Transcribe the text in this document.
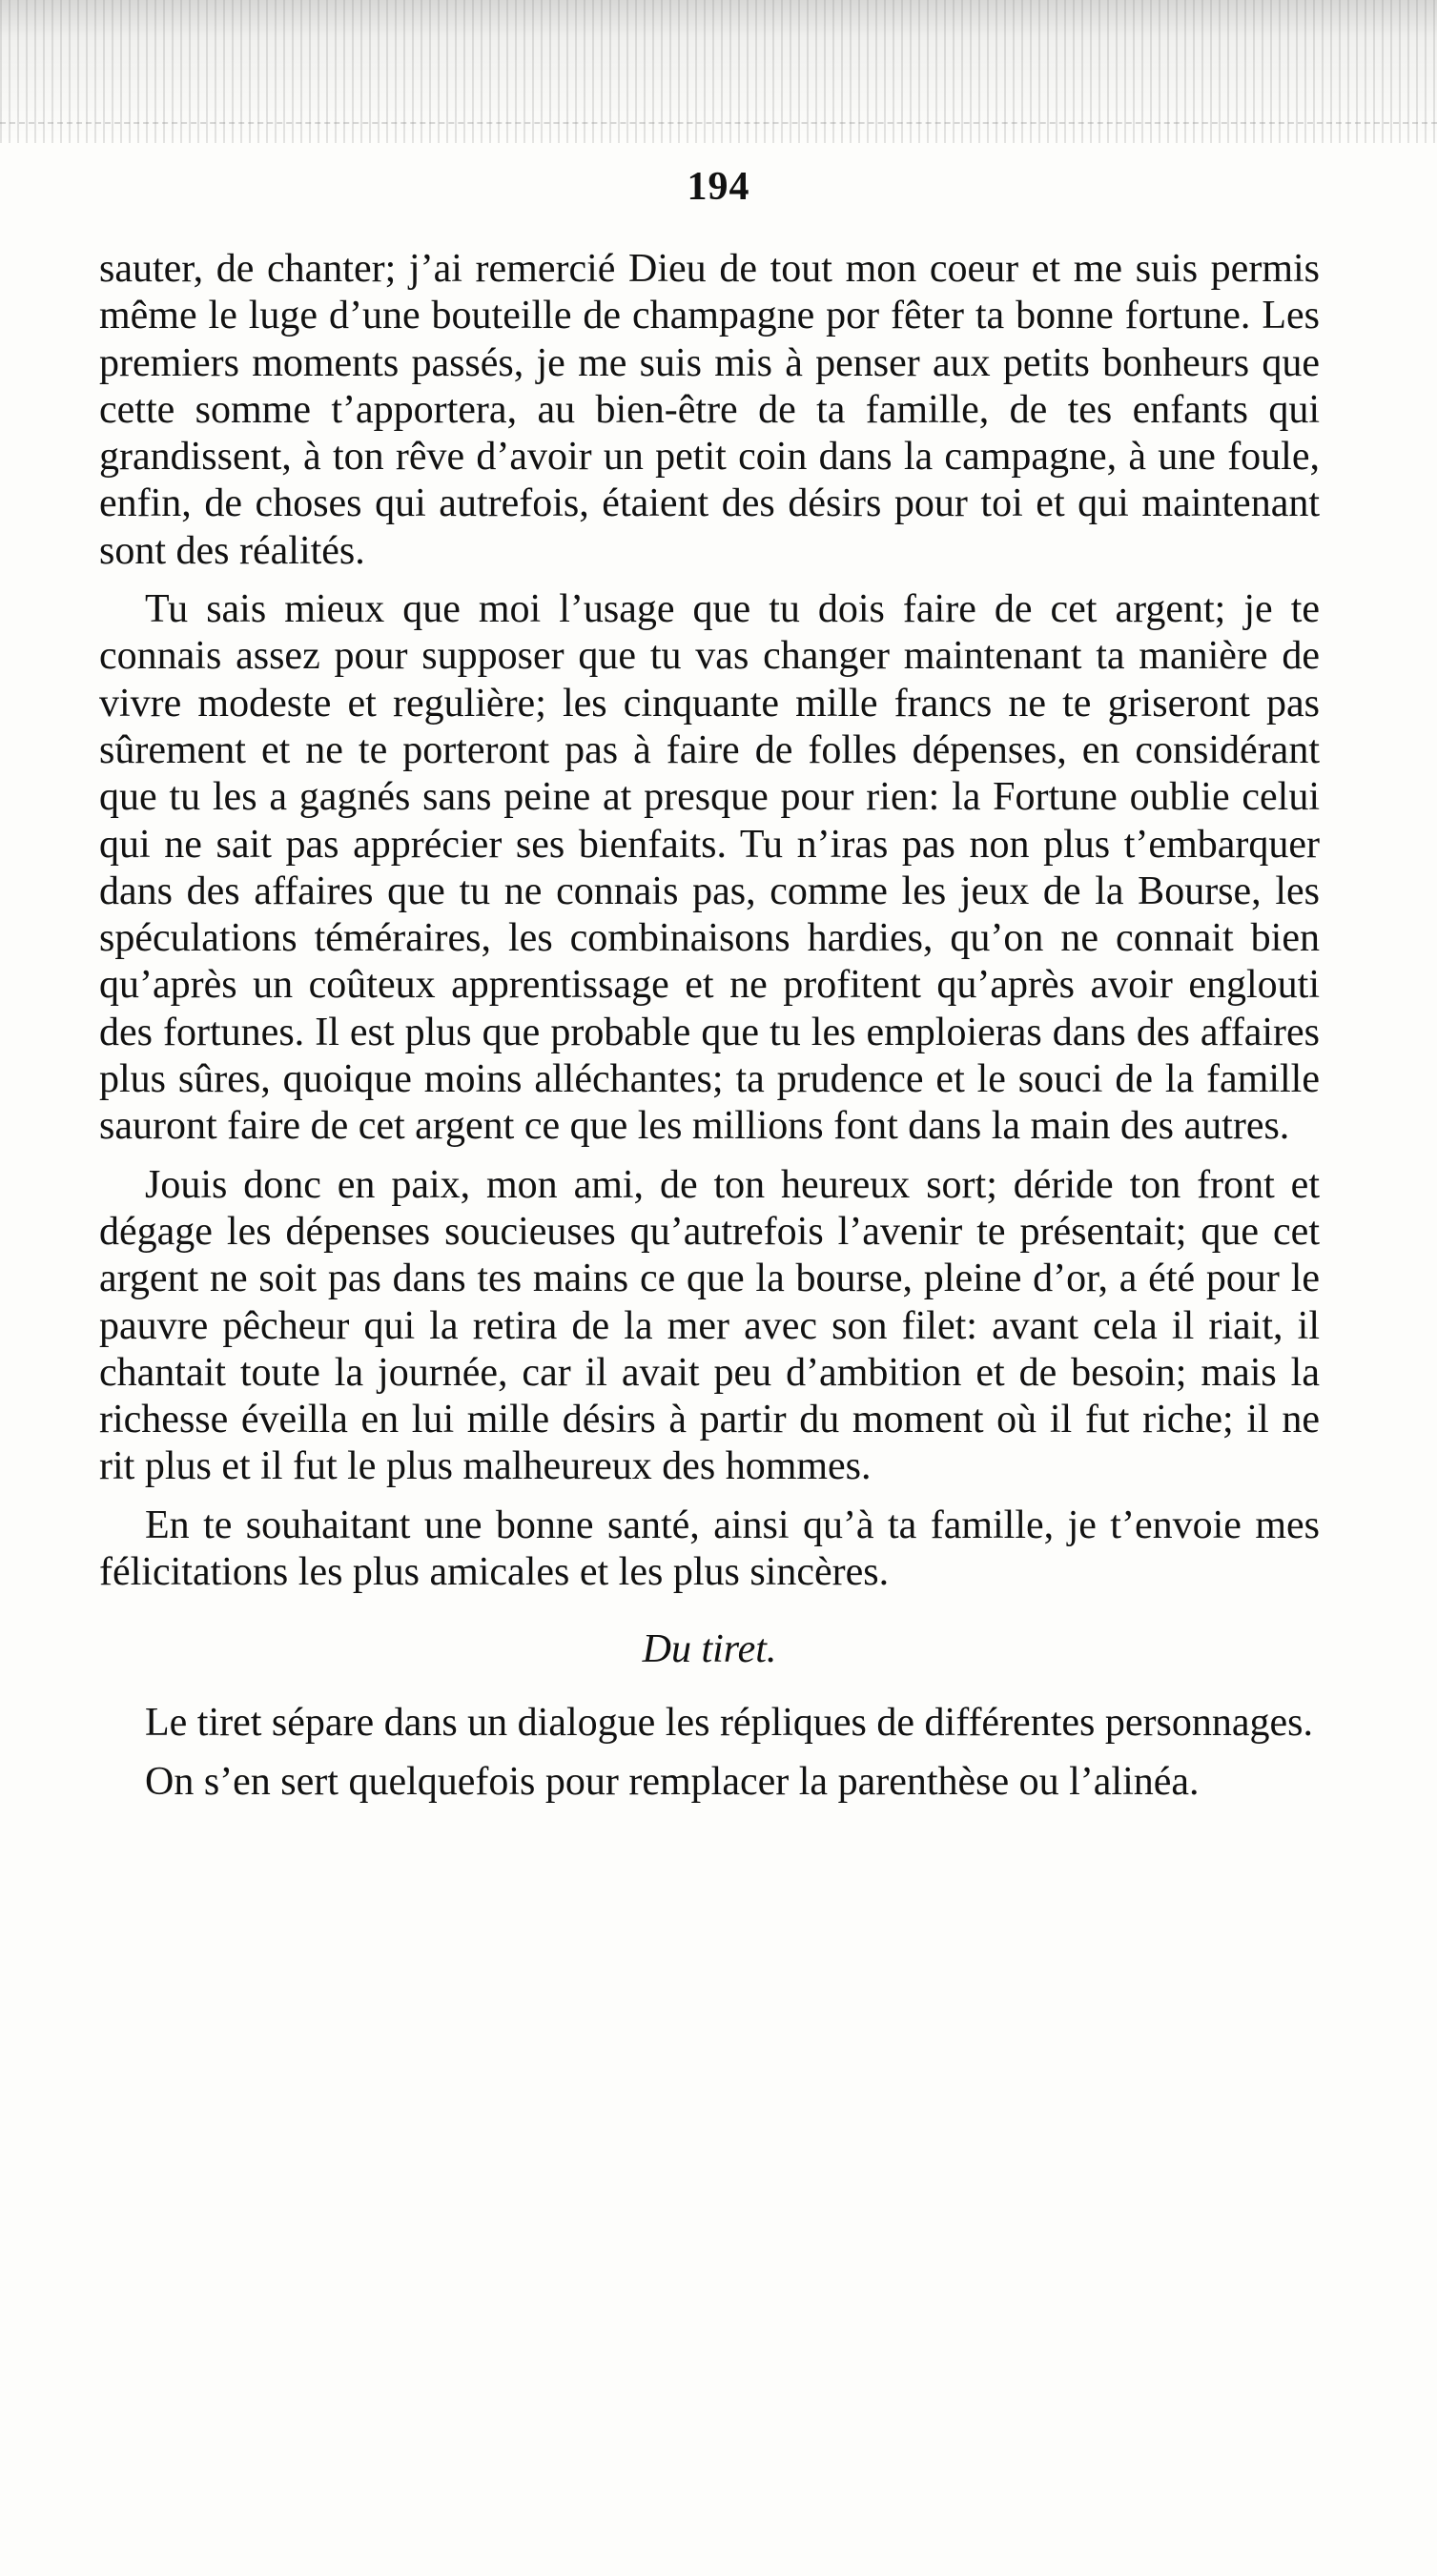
194

sauter, de chanter; j’ai remercié Dieu de tout mon coeur et me suis permis même le luge d’une bouteille de champagne por fêter ta bonne fortune. Les premiers moments passés, je me suis mis à penser aux petits bonheurs que cette somme t’apportera, au bien-être de ta famille, de tes enfants qui grandissent, à ton rêve d’avoir un petit coin dans la campagne, à une foule, enfin, de choses qui autrefois, étaient des désirs pour toi et qui maintenant sont des réalités.

Tu sais mieux que moi l’usage que tu dois faire de cet argent; je te connais assez pour supposer que tu vas changer maintenant ta manière de vivre modeste et regulière; les cinquante mille francs ne te griseront pas sûrement et ne te porteront pas à faire de folles dépenses, en considérant que tu les a gagnés sans peine at presque pour rien: la Fortune oublie celui qui ne sait pas apprécier ses bienfaits. Tu n’iras pas non plus t’embarquer dans des affaires que tu ne connais pas, comme les jeux de la Bourse, les spéculations téméraires, les combinaisons hardies, qu’on ne connait bien qu’après un coûteux apprentissage et ne profitent qu’après avoir englouti des fortunes. Il est plus que probable que tu les emploieras dans des affaires plus sûres, quoique moins alléchantes; ta prudence et le souci de la famille sauront faire de cet argent ce que les millions font dans la main des autres.

Jouis donc en paix, mon ami, de ton heureux sort; déride ton front et dégage les dépenses soucieuses qu’autrefois l’avenir te présentait; que cet argent ne soit pas dans tes mains ce que la bourse, pleine d’or, a été pour le pauvre pêcheur qui la retira de la mer avec son filet: avant cela il riait, il chantait toute la journée, car il avait peu d’ambition et de besoin; mais la richesse éveilla en lui mille désirs à partir du moment où il fut riche; il ne rit plus et il fut le plus malheureux des hommes.

En te souhaitant une bonne santé, ainsi qu’à ta famille, je t’envoie mes félicitations les plus amicales et les plus sincères.

Du tiret.

Le tiret sépare dans un dialogue les répliques de différentes personnages.

On s’en sert quelquefois pour remplacer la parenthèse ou l’alinéa.
